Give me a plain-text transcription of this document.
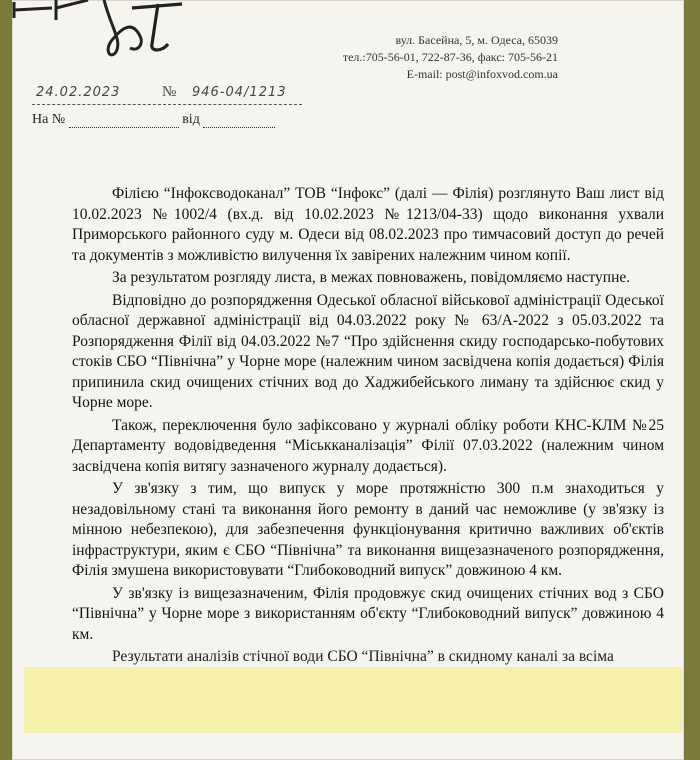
вул. Басейна, 5, м. Одеса, 65039
тел.:705-56-01, 722-87-36, факс: 705-56-21
E-mail: post@infoxvod.com.ua
24.02.2023	№ 946-04/1213
На №	від

Філією “Інфоксводоканал” ТОВ “Інфокс” (далі — Філія) розглянуто Ваш лист від 10.02.2023 №1002/4 (вх.д. від 10.02.2023 №1213/04-33) щодо виконання ухвали Приморського районного суду м. Одеси від 08.02.2023 про тимчасовий доступ до речей та документів з можливістю вилучення їх завірених належним чином копії.

За результатом розгляду листа, в межах повноважень, повідомляємо наступне.

Відповідно до розпорядження Одеської обласної військової адміністрації Одеської обласної державної адміністрації від 04.03.2022 року № 63/А-2022 з 05.03.2022 та Розпорядження Філії від 04.03.2022 №7 “Про здійснення скиду господарсько-побутових стоків СБО “Північна” у Чорне море (належним чином засвідчена копія додається) Філія припинила скид очищених стічних вод до Хаджибейського лиману та здійснює скид у Чорне море.

Також, переключення було зафіксовано у журналі обліку роботи КНС-КЛМ №25 Департаменту водовідведення “Міськканалізація” Філії 07.03.2022 (належним чином засвідчена копія витягу зазначеного журналу додається).

У зв'язку з тим, що випуск у море протяжністю 300 п.м знаходиться у незадовільному стані та виконання його ремонту в даний час неможливе (у зв'язку із мінною небезпекою), для забезпечення функціонування критично важливих об'єктів інфраструктури, яким є СБО “Північна” та виконання вищезазначеного розпорядження, Філія змушена використовувати “Глибоководний випуск” довжиною 4 км.

У зв'язку із вищезазначеним, Філія продовжує скид очищених стічних вод з СБО “Північна” у Чорне море з використанням об'єкту “Глибоководний випуск” довжиною 4 км.

Результати аналізів стічної води СБО “Північна” в скидному каналі за всіма
